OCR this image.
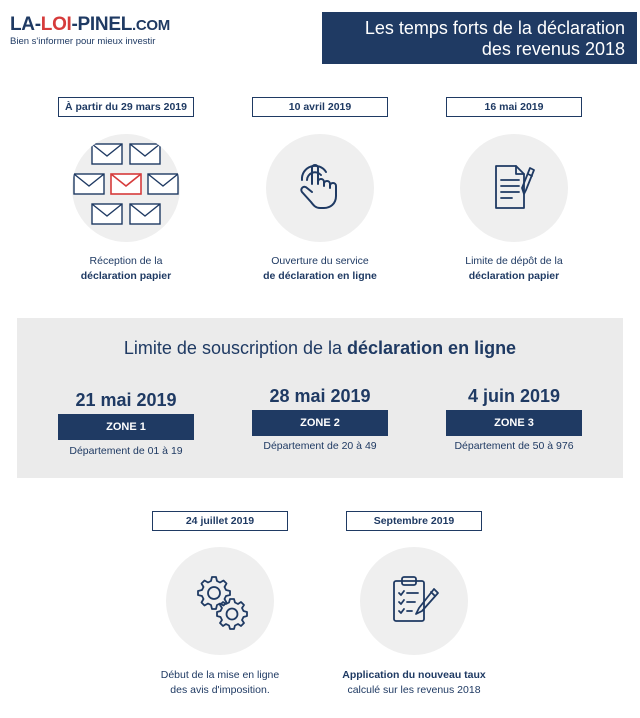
LA-LOI-PINEL.COM
Bien s'informer pour mieux investir
Les temps forts de la déclaration
des revenus 2018
À partir du 29 mars 2019
Réception de la
déclaration papier
10 avril 2019
Ouverture du service
de déclaration en ligne
16 mai 2019
Limite de dépôt de la
déclaration papier
Limite de souscription de la déclaration en ligne
21 mai 2019
ZONE 1
Département de 01 à 19
28 mai 2019
ZONE 2
Département de 20 à 49
4 juin 2019
ZONE 3
Département de 50 à 976
24 juillet 2019
Début de la mise en ligne
des avis d'imposition.
Septembre 2019
Application du nouveau taux
calculé sur les revenus 2018
